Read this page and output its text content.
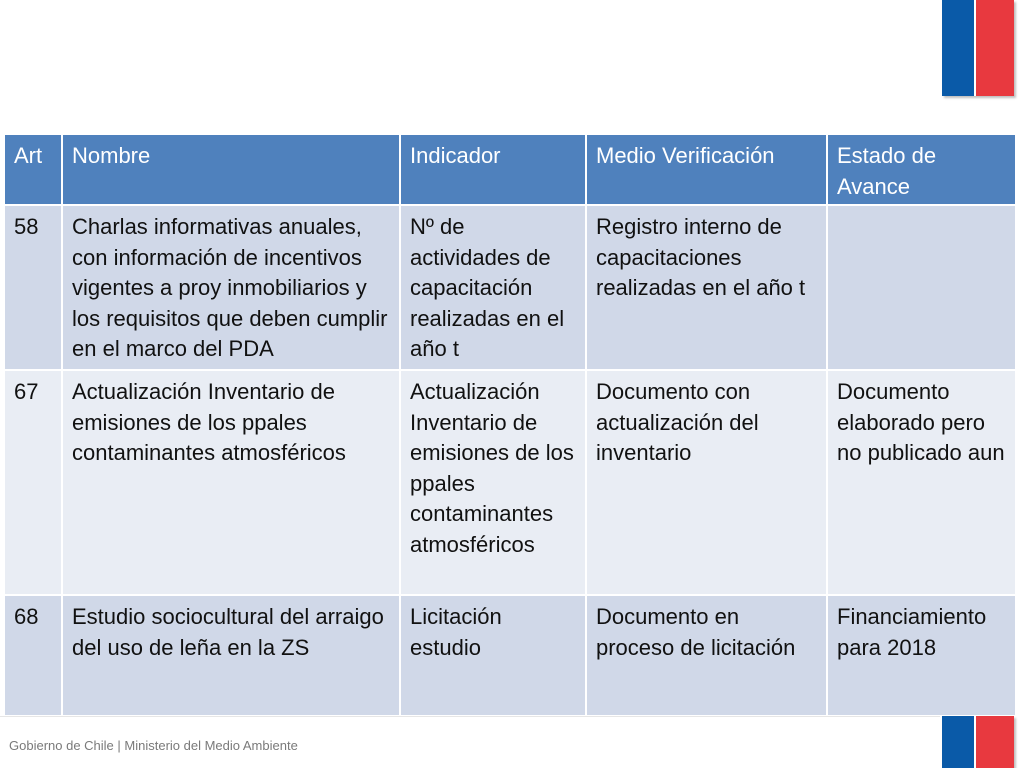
Art	Nombre	Indicador	Medio Verificación	Estado de Avance
58	Charlas informativas anuales, con información de incentivos vigentes a proy inmobiliarios y los requisitos que deben cumplir en el marco del PDA	Nº de actividades de capacitación realizadas en el año t	Registro interno de capacitaciones realizadas en el año t	
67	Actualización Inventario de emisiones de los ppales contaminantes atmosféricos	Actualización Inventario de emisiones de los ppales contaminantes atmosféricos	Documento con actualización del inventario	Documento elaborado pero no publicado aun
68	Estudio sociocultural del arraigo del uso de leña en la ZS	Licitación estudio	Documento en proceso de licitación	Financiamiento para 2018
Gobierno de Chile | Ministerio del Medio Ambiente
